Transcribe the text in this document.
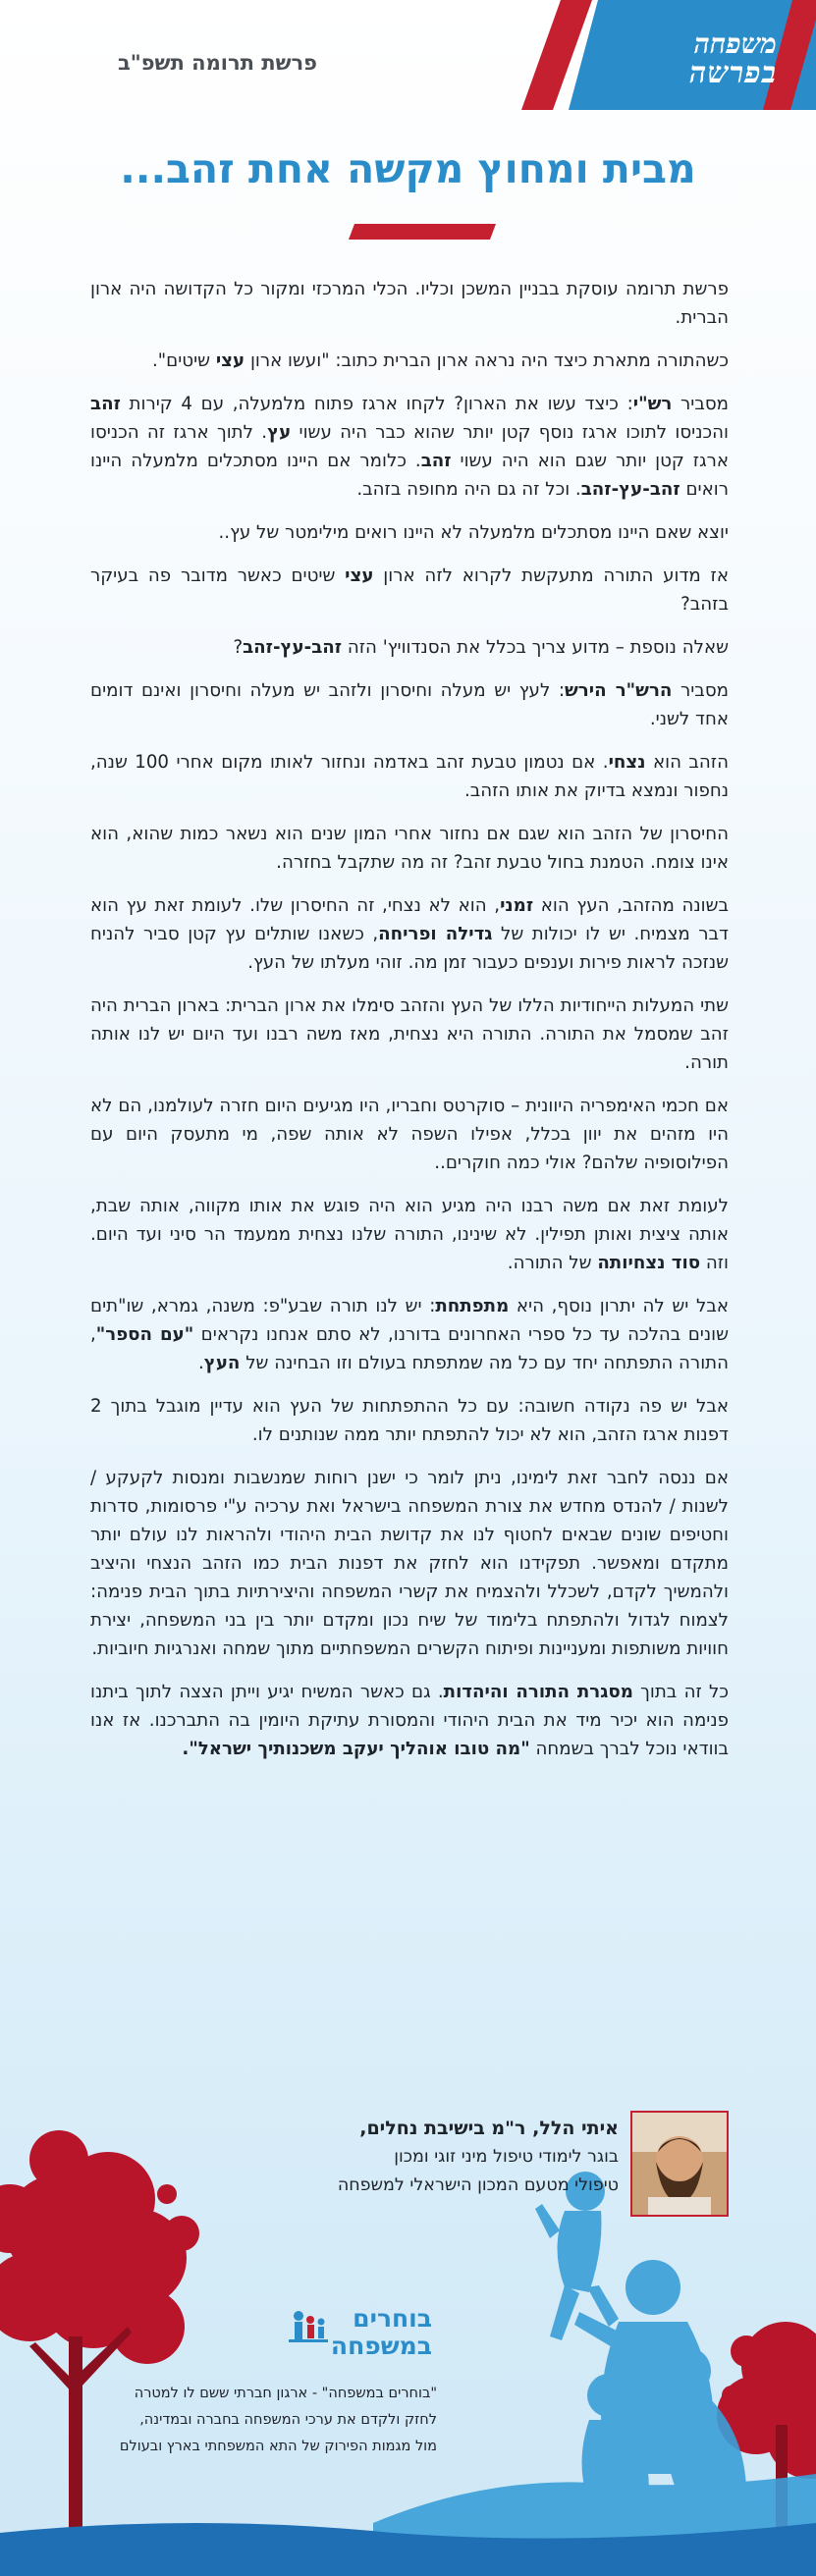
משפחה
בפרשה
פרשת תרומה תשפ"ב
מבית ומחוץ מקשה אחת זהב...

פרשת תרומה עוסקת בבניין המשכן וכליו. הכלי המרכזי ומקור כל הקדושה היה ארון הברית.

כשהתורה מתארת כיצד היה נראה ארון הברית כתוב: "ועשו ארון עצי שיטים".

מסביר רש"י: כיצד עשו את הארון? לקחו ארגז פתוח מלמעלה, עם 4 קירות זהב והכניסו לתוכו ארגז נוסף קטן יותר שהוא כבר היה עשוי עץ. לתוך ארגז זה הכניסו ארגז קטן יותר שגם הוא היה עשוי זהב. כלומר אם היינו מסתכלים מלמעלה היינו רואים זהב-עץ-זהב. וכל זה גם היה מחופה בזהב.

יוצא שאם היינו מסתכלים מלמעלה לא היינו רואים מילימטר של עץ..

אז מדוע התורה מתעקשת לקרוא לזה ארון עצי שיטים כאשר מדובר פה בעיקר בזהב?

שאלה נוספת – מדוע צריך בכלל את הסנדוויץ' הזה זהב-עץ-זהב?

מסביר הרש"ר הירש: לעץ יש מעלה וחיסרון ולזהב יש מעלה וחיסרון ואינם דומים אחד לשני.

הזהב הוא נצחי. אם נטמון טבעת זהב באדמה ונחזור לאותו מקום אחרי 100 שנה, נחפור ונמצא בדיוק את אותו הזהב.

החיסרון של הזהב הוא שגם אם נחזור אחרי המון שנים הוא נשאר כמות שהוא, הוא אינו צומח. הטמנת בחול טבעת זהב? זה מה שתקבל בחזרה.

בשונה מהזהב, העץ הוא זמני, הוא לא נצחי, זה החיסרון שלו. לעומת זאת עץ הוא דבר מצמיח. יש לו יכולות של גדילה ופריחה, כשאנו שותלים עץ קטן סביר להניח שנזכה לראות פירות וענפים כעבור זמן מה. זוהי מעלתו של העץ.

שתי המעלות הייחודיות הללו של העץ והזהב סימלו את ארון הברית: בארון הברית היה זהב שמסמל את התורה. התורה היא נצחית, מאז משה רבנו ועד היום יש לנו אותה תורה.

אם חכמי האימפריה היוונית – סוקרטס וחבריו, היו מגיעים היום חזרה לעולמנו, הם לא היו מזהים את יוון בכלל, אפילו השפה לא אותה שפה, מי מתעסק היום עם הפילוסופיה שלהם? אולי כמה חוקרים..

לעומת זאת אם משה רבנו היה מגיע הוא היה פוגש את אותו מקווה, אותה שבת, אותה ציצית ואותן תפילין. לא שינינו, התורה שלנו נצחית ממעמד הר סיני ועד היום. וזה סוד נצחיותה של התורה.

אבל יש לה יתרון נוסף, היא מתפתחת: יש לנו תורה שבע"פ: משנה, גמרא, שו"תים שונים בהלכה עד כל ספרי האחרונים בדורנו, לא סתם אנחנו נקראים "עם הספר", התורה התפתחה יחד עם כל מה שמתפתח בעולם וזו הבחינה של העץ.

אבל יש פה נקודה חשובה: עם כל ההתפתחות של העץ הוא עדיין מוגבל בתוך 2 דפנות ארגז הזהב, הוא לא יכול להתפתח יותר ממה שנותנים לו.

אם ננסה לחבר זאת לימינו, ניתן לומר כי ישנן רוחות שמנשבות ומנסות לקעקע / לשנות / להנדס מחדש את צורת המשפחה בישראל ואת ערכיה ע"י פרסומות, סדרות וחטיפים שונים שבאים לחטוף לנו את קדושת הבית היהודי ולהראות לנו עולם יותר מתקדם ומאפשר. תפקידנו הוא לחזק את דפנות הבית כמו הזהב הנצחי והיציב ולהמשיך לקדם, לשכלל ולהצמיח את קשרי המשפחה והיצירתיות בתוך הבית פנימה: לצמוח לגדול ולהתפתח בלימוד של שיח נכון ומקדם יותר בין בני המשפחה, יצירת חוויות משותפות ומעניינות ופיתוח הקשרים המשפחתיים מתוך שמחה ואנרגיות חיוביות.

כל זה בתוך מסגרת התורה והיהדות. גם כאשר המשיח יגיע וייתן הצצה לתוך ביתנו פנימה הוא יכיר מיד את הבית היהודי והמסורת עתיקת היומין בה התברכנו. אז אנו בוודאי נוכל לברך בשמחה "מה טובו אוהליך יעקב משכנותיך ישראל".

איתי הלל, ר"מ בישיבת נחלים,
בוגר לימודי טיפול מיני זוגי ומכון
טיפולי מטעם המכון הישראלי למשפחה
בוחרים
במשפחה
"בוחרים במשפחה" - ארגון חברתי ששם לו למטרה
לחזק ולקדם את ערכי המשפחה בחברה ובמדינה,
מול מגמות הפירוק של התא המשפחתי בארץ ובעולם
